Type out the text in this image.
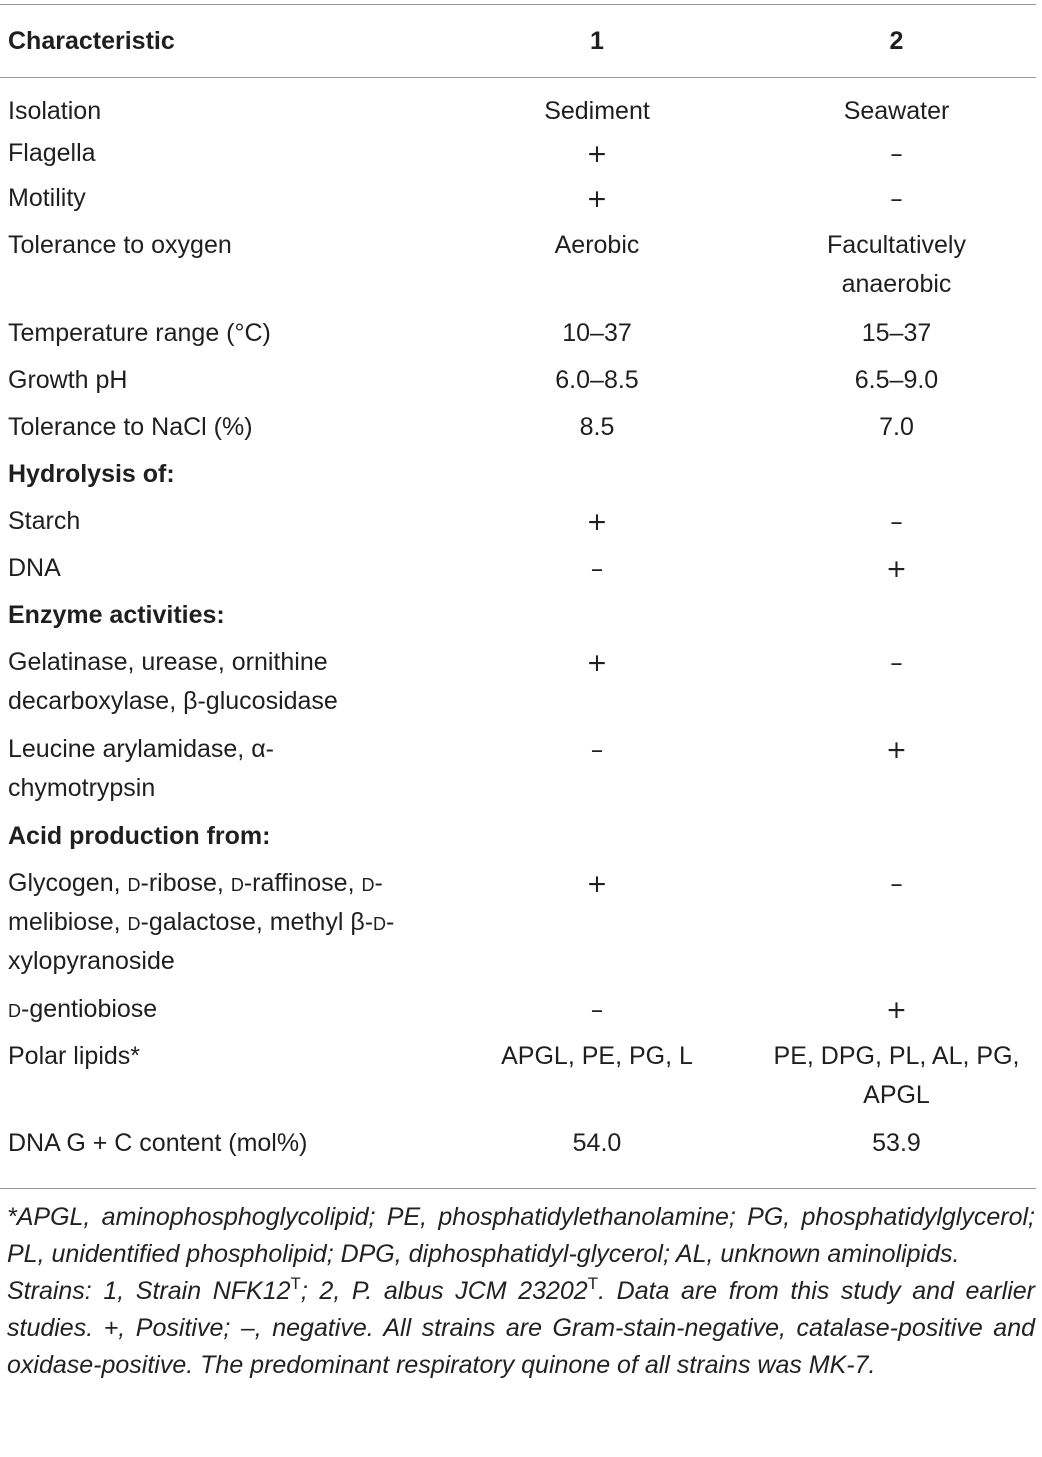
Characteristic	1	2
Isolation	Sediment	Seawater
Flagella	+	–
Motility	+	–
Tolerance to oxygen	Aerobic	Facultatively anaerobic
Temperature range (°C)	10–37	15–37
Growth pH	6.0–8.5	6.5–9.0
Tolerance to NaCl (%)	8.5	7.0
Hydrolysis of:		
Starch	+	–
DNA	–	+
Enzyme activities:		
Gelatinase, urease, ornithine decarboxylase, β-glucosidase	+	–
Leucine arylamidase, α-chymotrypsin	–	+
Acid production from:		
Glycogen, d-ribose, d-raffinose, d-melibiose, d-galactose, methyl β-d-xylopyranoside	+	–
d-gentiobiose	–	+
Polar lipids*	APGL, PE, PG, L	PE, DPG, PL, AL, PG, APGL
DNA G + C content (mol%)	54.0	53.9

*APGL, aminophosphoglycolipid; PE, phosphatidylethanolamine; PG, phosphatidylglycerol; PL, unidentified phospholipid; DPG, diphosphatidyl-glycerol; AL, unknown aminolipids.

Strains: 1, Strain $NFK12^T$; 2, P. albus JCM $23202^T$. Data are from this study and earlier studies. +, Positive; –, negative. All strains are Gram-stain-negative, catalase-positive and oxidase-positive. The predominant respiratory quinone of all strains was MK-7.
